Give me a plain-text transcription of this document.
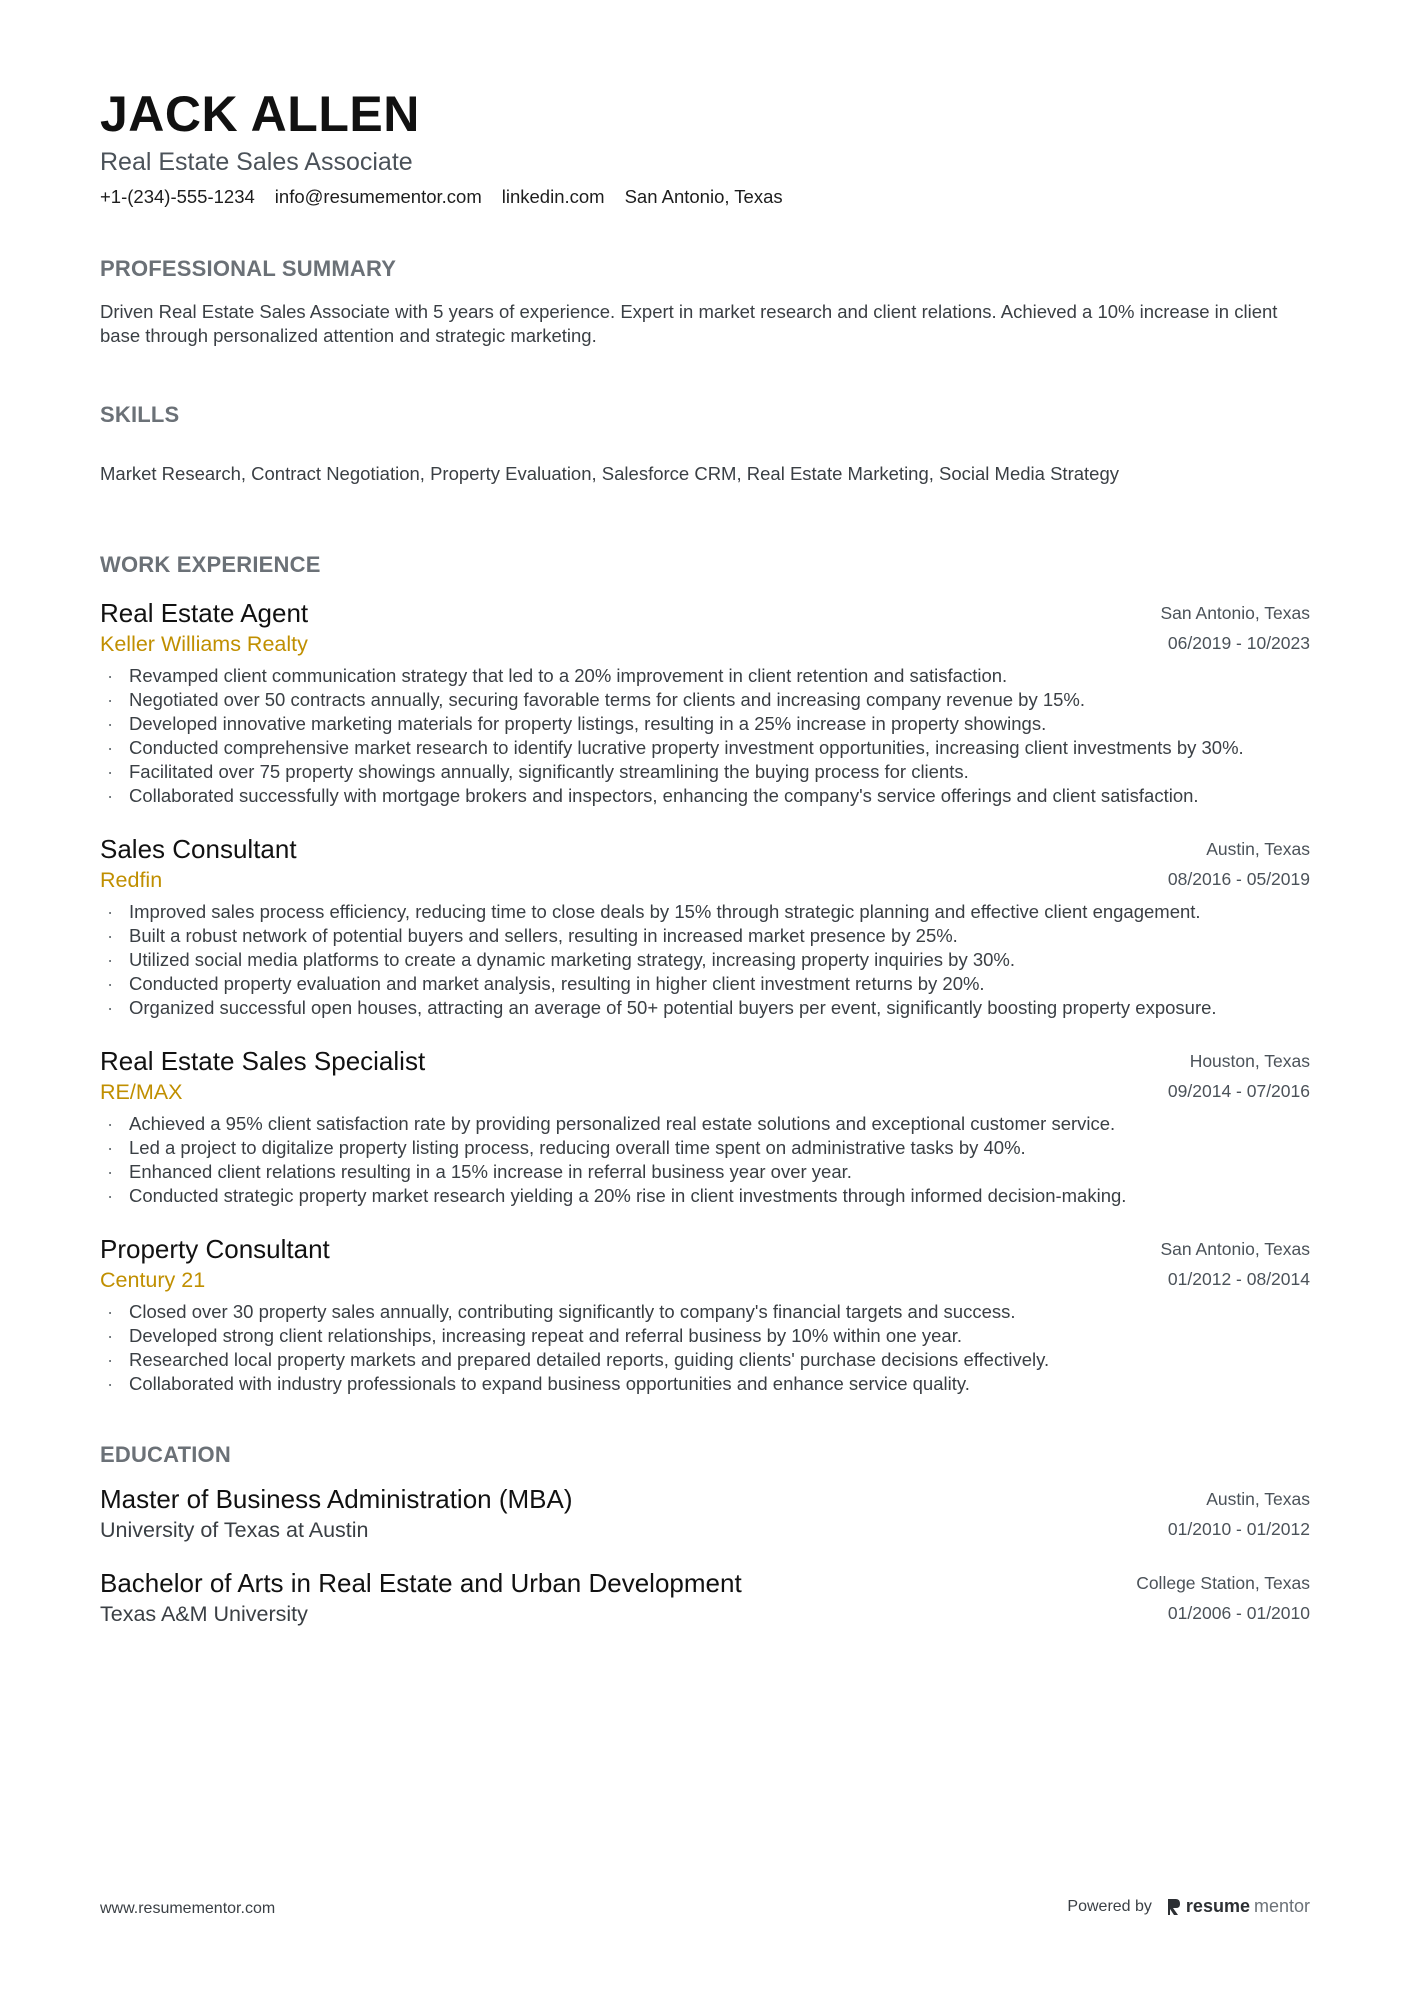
JACK ALLEN
Real Estate Sales Associate
+1-(234)-555-1234 info@resumementor.com linkedin.com San Antonio, Texas
PROFESSIONAL SUMMARY
Driven Real Estate Sales Associate with 5 years of experience. Expert in market research and client relations. Achieved a 10% increase in client base through personalized attention and strategic marketing.
SKILLS
Market Research, Contract Negotiation, Property Evaluation, Salesforce CRM, Real Estate Marketing, Social Media Strategy
WORK EXPERIENCE
Real Estate Agent
Keller Williams Realty
San Antonio, Texas
06/2019 - 10/2023
· Revamped client communication strategy that led to a 20% improvement in client retention and satisfaction.
· Negotiated over 50 contracts annually, securing favorable terms for clients and increasing company revenue by 15%.
· Developed innovative marketing materials for property listings, resulting in a 25% increase in property showings.
· Conducted comprehensive market research to identify lucrative property investment opportunities, increasing client investments by 30%.
· Facilitated over 75 property showings annually, significantly streamlining the buying process for clients.
· Collaborated successfully with mortgage brokers and inspectors, enhancing the company's service offerings and client satisfaction.
Sales Consultant
Redfin
Austin, Texas
08/2016 - 05/2019
· Improved sales process efficiency, reducing time to close deals by 15% through strategic planning and effective client engagement.
· Built a robust network of potential buyers and sellers, resulting in increased market presence by 25%.
· Utilized social media platforms to create a dynamic marketing strategy, increasing property inquiries by 30%.
· Conducted property evaluation and market analysis, resulting in higher client investment returns by 20%.
· Organized successful open houses, attracting an average of 50+ potential buyers per event, significantly boosting property exposure.
Real Estate Sales Specialist
RE/MAX
Houston, Texas
09/2014 - 07/2016
· Achieved a 95% client satisfaction rate by providing personalized real estate solutions and exceptional customer service.
· Led a project to digitalize property listing process, reducing overall time spent on administrative tasks by 40%.
· Enhanced client relations resulting in a 15% increase in referral business year over year.
· Conducted strategic property market research yielding a 20% rise in client investments through informed decision-making.
Property Consultant
Century 21
San Antonio, Texas
01/2012 - 08/2014
· Closed over 30 property sales annually, contributing significantly to company's financial targets and success.
· Developed strong client relationships, increasing repeat and referral business by 10% within one year.
· Researched local property markets and prepared detailed reports, guiding clients' purchase decisions effectively.
· Collaborated with industry professionals to expand business opportunities and enhance service quality.
EDUCATION
Master of Business Administration (MBA)
University of Texas at Austin
Austin, Texas
01/2010 - 01/2012
Bachelor of Arts in Real Estate and Urban Development
Texas A&M University
College Station, Texas
01/2006 - 01/2010
www.resumementor.com	Powered by resume mentor
